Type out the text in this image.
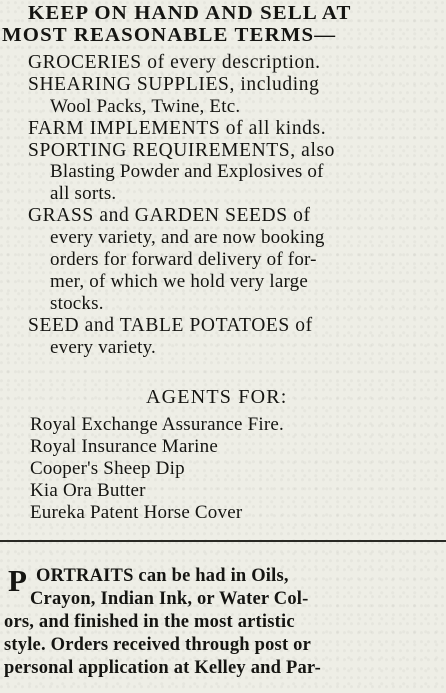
KEEP ON HAND AND SELL AT
MOST REASONABLE TERMS—
GROCERIES of every description.
SHEARING SUPPLIES, including
Wool Packs, Twine, Etc.
FARM IMPLEMENTS of all kinds.
SPORTING REQUIREMENTS, also
Blasting Powder and Explosives of
all sorts.
GRASS and GARDEN SEEDS of
every variety, and are now booking
orders for forward delivery of for-
mer, of which we hold very large
stocks.
SEED and TABLE POTATOES of
every variety.
AGENTS FOR:
Royal Exchange Assurance Fire.
Royal Insurance Marine
Cooper's Sheep Dip
Kia Ora Butter
Eureka Patent Horse Cover
P ORTRAITS can be had in Oils,
Crayon, Indian Ink, or Water Col-
ors, and finished in the most artistic
style. Orders received through post or
personal application at Kelley and Par-
